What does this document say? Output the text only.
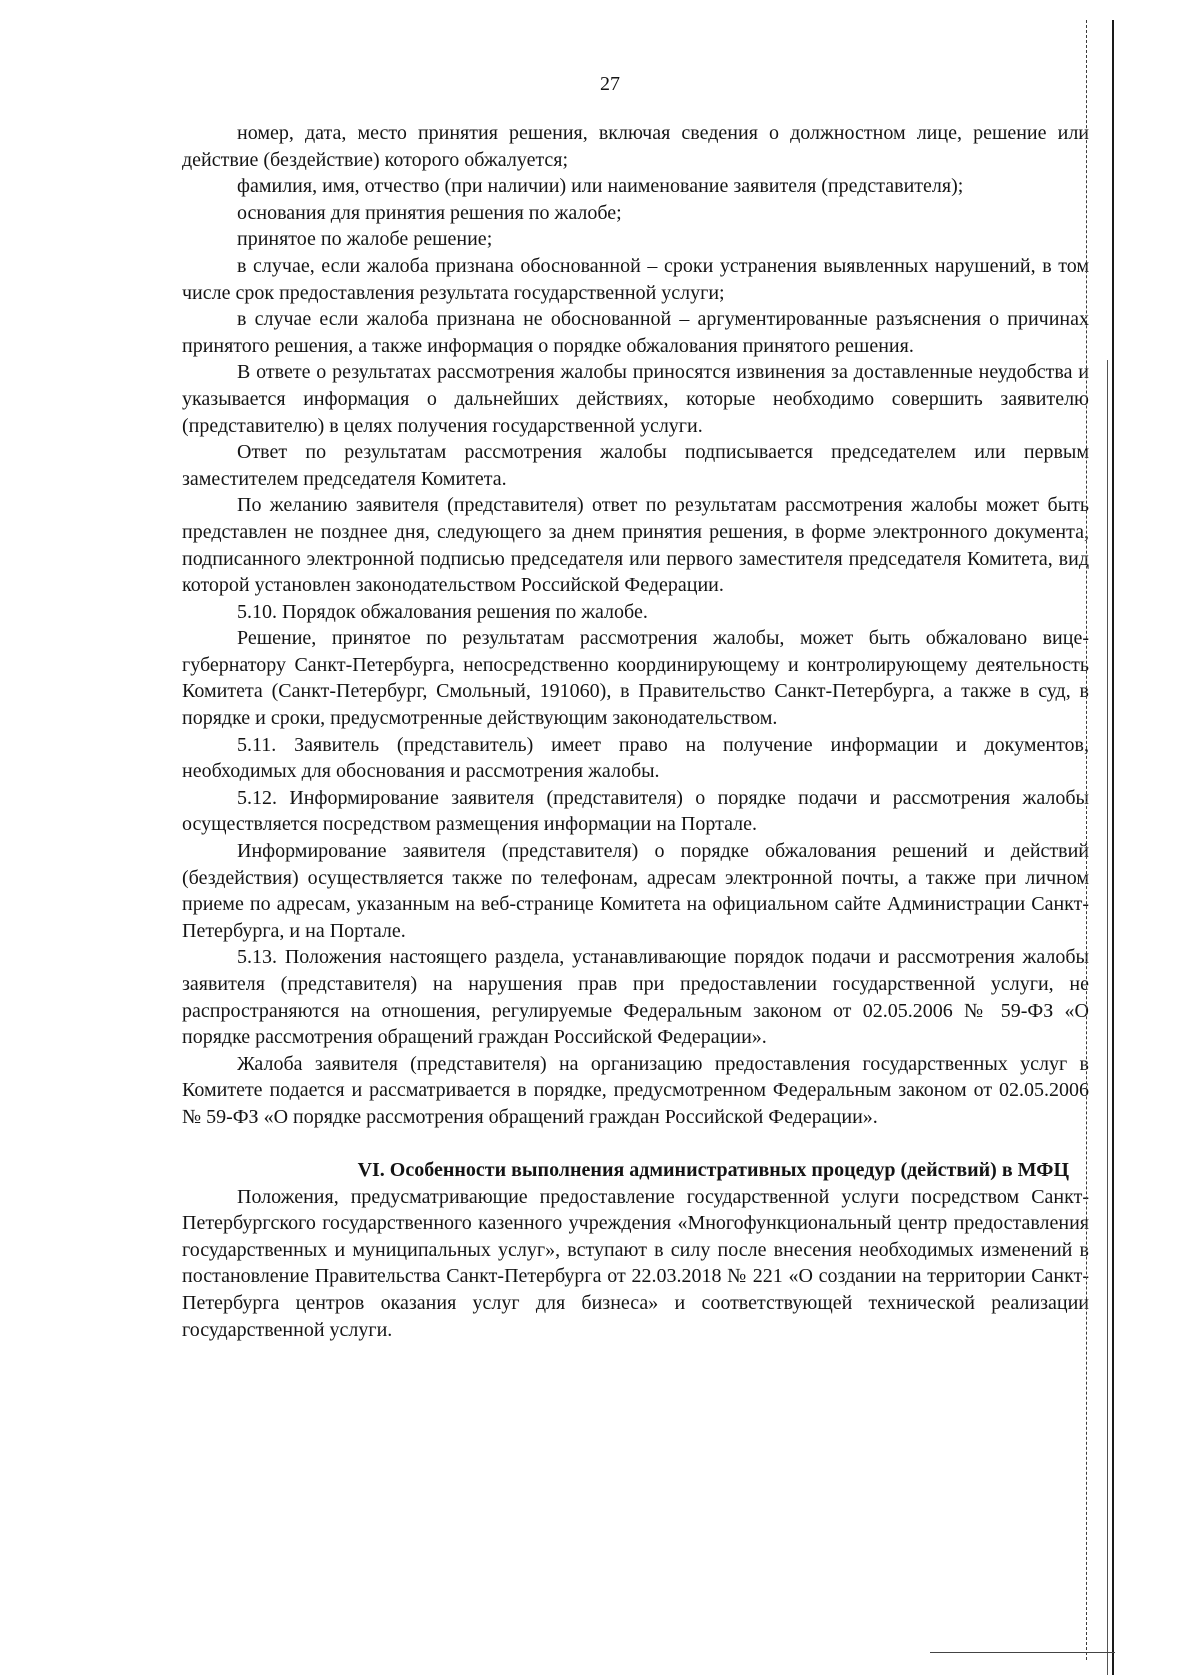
27

номер, дата, место принятия решения, включая сведения о должностном лице, решение или действие (бездействие) которого обжалуется;

фамилия, имя, отчество (при наличии) или наименование заявителя (представителя);

основания для принятия решения по жалобе;

принятое по жалобе решение;

в случае, если жалоба признана обоснованной – сроки устранения выявленных нарушений, в том числе срок предоставления результата государственной услуги;

в случае если жалоба признана не обоснованной – аргументированные разъяснения о причинах принятого решения, а также информация о порядке обжалования принятого решения.

В ответе о результатах рассмотрения жалобы приносятся извинения за доставленные неудобства и указывается информация о дальнейших действиях, которые необходимо совершить заявителю (представителю) в целях получения государственной услуги.

Ответ по результатам рассмотрения жалобы подписывается председателем или первым заместителем председателя Комитета.

По желанию заявителя (представителя) ответ по результатам рассмотрения жалобы может быть представлен не позднее дня, следующего за днем принятия решения, в форме электронного документа, подписанного электронной подписью председателя или первого заместителя председателя Комитета, вид которой установлен законодательством Российской Федерации.

5.10. Порядок обжалования решения по жалобе.

Решение, принятое по результатам рассмотрения жалобы, может быть обжаловано вице-губернатору Санкт-Петербурга, непосредственно координирующему и контролирующему деятельность Комитета (Санкт-Петербург, Смольный, 191060), в Правительство Санкт-Петербурга, а также в суд, в порядке и сроки, предусмотренные действующим законодательством.

5.11. Заявитель (представитель) имеет право на получение информации и документов, необходимых для обоснования и рассмотрения жалобы.

5.12. Информирование заявителя (представителя) о порядке подачи и рассмотрения жалобы осуществляется посредством размещения информации на Портале.

Информирование заявителя (представителя) о порядке обжалования решений и действий (бездействия) осуществляется также по телефонам, адресам электронной почты, а также при личном приеме по адресам, указанным на веб-странице Комитета на официальном сайте Администрации Санкт-Петербурга, и на Портале.

5.13. Положения настоящего раздела, устанавливающие порядок подачи и рассмотрения жалобы заявителя (представителя) на нарушения прав при предоставлении государственной услуги, не распространяются на отношения, регулируемые Федеральным законом от 02.05.2006 № 59-ФЗ «О порядке рассмотрения обращений граждан Российской Федерации».

Жалоба заявителя (представителя) на организацию предоставления государственных услуг в Комитете подается и рассматривается в порядке, предусмотренном Федеральным законом от 02.05.2006 № 59-ФЗ «О порядке рассмотрения обращений граждан Российской Федерации».

VI. Особенности выполнения административных процедур (действий) в МФЦ

Положения, предусматривающие предоставление государственной услуги посредством Санкт-Петербургского государственного казенного учреждения «Многофункциональный центр предоставления государственных и муниципальных услуг», вступают в силу после внесения необходимых изменений в постановление Правительства Санкт-Петербурга от 22.03.2018 № 221 «О создании на территории Санкт-Петербурга центров оказания услуг для бизнеса» и соответствующей технической реализации государственной услуги.
